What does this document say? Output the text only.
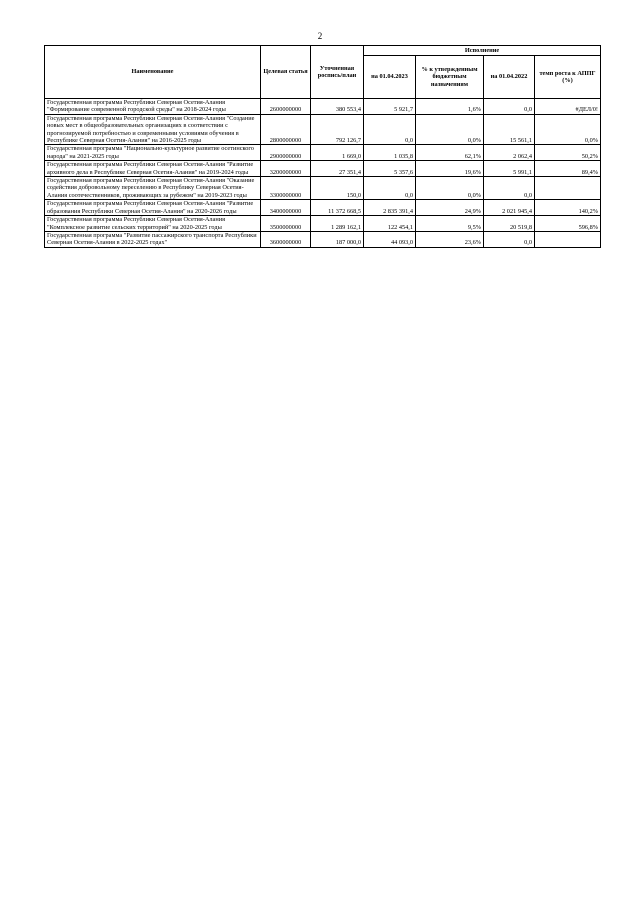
2
Наименование	Целевая статья	Уточненная роспись/план	Исполнение			
			на 01.04.2023	% к утвержденным бюджетным назначениям	на 01.04.2022	темп роста к АППГ (%)
Государственная программа Республики Северная Осетия-Алания "Формирование современной городской среды" на 2018-2024 годы	2600000000	380 553,4	5 921,7	1,6%	0,0	#ДЕЛ/0!
Государственная программа Республики Северная Осетия-Алания "Создание новых мест в общеобразовательных организациях в соответствии с прогнозируемой потребностью и современными условиями обучения в Республике Северная Осетия-Алания" на 2016-2025 годы	2800000000	792 126,7	0,0	0,0%	15 561,1	0,0%
Государственная программа "Национально-культурное развитие осетинского народа" на 2021-2025 годы	2900000000	1 669,0	1 035,8	62,1%	2 062,4	50,2%
Государственная программа Республики Северная Осетия-Алания "Развитие архивного дела в Республике Северная Осетия-Алания" на 2019-2024 годы	3200000000	27 351,4	5 357,6	19,6%	5 991,1	89,4%
Государственная программа Республики Северная Осетия-Алания "Оказание содействия добровольному переселению в Республику Северная Осетия-Алания соотечественников, проживающих за рубежом" на 2019-2023 годы	3300000000	150,0	0,0	0,0%	0,0	
Государственная программа Республики Северная Осетия-Алания "Развитие образования Республики Северная Осетия-Алания" на 2020-2026 годы	3400000000	11 372 668,5	2 835 391,4	24,9%	2 021 945,4	140,2%
Государственная программа Республики Северная Осетия-Алания "Комплексное развитие сельских территорий" на 2020-2025 годы	3500000000	1 289 162,1	122 454,1	9,5%	20 519,8	596,8%
Государственная программа "Развитие пассажирского транспорта Республики Северная Осетия-Алания в 2022-2025 годах"	3600000000	187 000,0	44 093,0	23,6%	0,0	
